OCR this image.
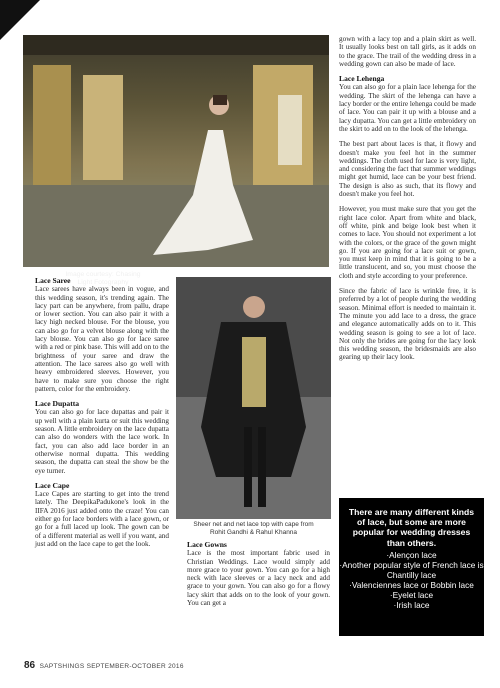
Image courtesy: Chasing
Light Fotography
Sheer net and net lace top with cape from
Rohit Gandhi & Rahul Khanna
Lace Saree

Lace sarees have always been in vogue, and this wedding season, it's trending again. The lacy part can be anywhere, from pallu, drape or lower section. You can also pair it with a lacy high necked blouse. For the blouse, you can also go for a velvet blouse along with the lacy blouse. You can also go for lace saree with a red or pink base. This will add on to the brightness of your saree and draw the attention. The lace sarees also go well with heavy embroidered sleeves. However, you have to make sure you choose the right pattern, color for the embroidery.

Lace Dupatta

You can also go for lace dupattas and pair it up well with a plain kurta or suit this wedding season. A little embroidery on the lace dupatta can also do wonders with the lace work. In fact, you can also add lace border in an otherwise normal dupatta. This wedding season, the dupatta can steal the show be the eye turner.

Lace Cape

Lace Capes are starting to get into the trend lately. The DeepikaPadukone's look in the IIFA 2016 just added onto the craze! You can either go for lace borders with a lace gown, or go for a full laced up look. The gown can be of a different material as well if you want, and just add on the lace cape to get the look.	Lace Gowns

Lace is the most important fabric used in Christian Weddings. Lace would simply add more grace to your gown. You can go for a high neck with lace sleeves or a lacy neck and add grace to your gown. You can also go for a flowy lacy skirt that adds on to the look of your gown. You can get a

gown with a lacy top and a plain skirt as well. It usually looks best on tall girls, as it adds on to the grace. The trail of the wedding dress in a wedding gown can also be made of lace.

Lace Lehenga

You can also go for a plain lace lehenga for the wedding. The skirt of the lehenga can have a lacy border or the entire lehenga could be made of lace. You can pair it up with a blouse and a lacy dupatta. You can get a little embroidery on the skirt to add on to the look of the lehenga.

The best part about laces is that, it flowy and doesn't make you feel hot in the summer weddings. The cloth used for lace is very light, and considering the fact that summer weddings might get humid, lace can be your best friend. The design is also as such, that its flowy and doesn't make you feel hot.

However, you must make sure that you get the right lace color. Apart from white and black, off white, pink and beige look best when it comes to lace. You should not experiment a lot with the colors, or the grace of the gown might go. If you are going for a lace suit or gown, you must keep in mind that it is going to be a little translucent, and so, you must choose the cloth and style according to your preference.

Since the fabric of lace is wrinkle free, it is preferred by a lot of people during the wedding season. Minimal effort is needed to maintain it. The minute you add lace to a dress, the grace and elegance automatically adds on to it. This wedding season is going to see a lot of lace. Not only the brides are going for the lacy look this wedding season, the bridesmaids are also gearing up their lacy look.

There are many different kinds of lace, but some are more popular for wedding dresses than others.
·Alençon lace
·Another popular style of French lace is Chantilly lace
·Valenciennes lace or Bobbin lace
·Eyelet lace
·Irish lace
86 SAPTSHINGS SEPTEMBER-OCTOBER 2016
